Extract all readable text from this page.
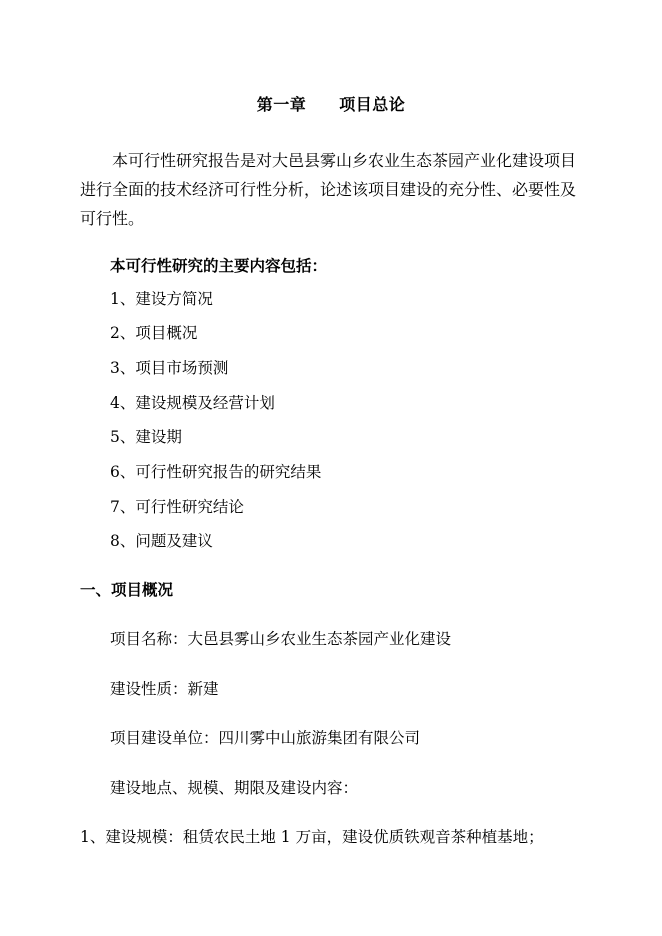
第一章　　项目总论

本可行性研究报告是对大邑县雾山乡农业生态茶园产业化建设项目进行全面的技术经济可行性分析，论述该项目建设的充分性、必要性及可行性。

本可行性研究的主要内容包括：
1、建设方简况
2、项目概况
3、项目市场预测
4、建设规模及经营计划
5、建设期
6、可行性研究报告的研究结果
7、可行性研究结论
8、问题及建议
一、项目概况
项目名称：大邑县雾山乡农业生态茶园产业化建设
建设性质：新建
项目建设单位：四川雾中山旅游集团有限公司
建设地点、规模、期限及建设内容：
1、建设规模：租赁农民土地 1 万亩，建设优质铁观音茶种植基地；
